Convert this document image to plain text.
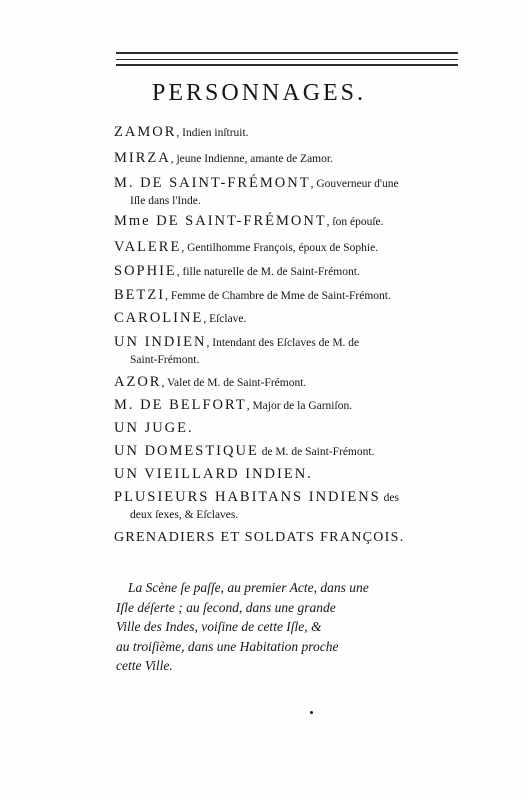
PERSONNAGES.
ZAMOR, Indien inſtruit.
MIRZA, jeune Indienne, amante de Zamor.
M. DE SAINT-FRÉMONT, Gouverneur d'une
Iſle dans l'Inde.
Mme DE SAINT-FRÉMONT, ſon épouſe.
VALERE, Gentilhomme François, époux de Sophie.
SOPHIE, fille naturelle de M. de Saint-Frémont.
BETZI, Femme de Chambre de Mme de Saint-Frémont.
CAROLINE, Eſclave.
UN INDIEN, Intendant des Eſclaves de M. de
Saint-Frémont.
AZOR, Valet de M. de Saint-Frémont.
M. DE BELFORT, Major de la Garniſon.
UN JUGE.
UN DOMESTIQUE de M. de Saint-Frémont.
UN VIEILLARD INDIEN.
PLUSIEURS HABITANS INDIENS des
deux ſexes, & Eſclaves.
GRENADIERS ET SOLDATS FRANÇOIS.
La Scène ſe paſſe, au premier Acte, dans une
Iſle déſerte ; au ſecond, dans une grande
Ville des Indes, voiſine de cette Iſle, &
au troiſième, dans une Habitation proche
cette Ville.
